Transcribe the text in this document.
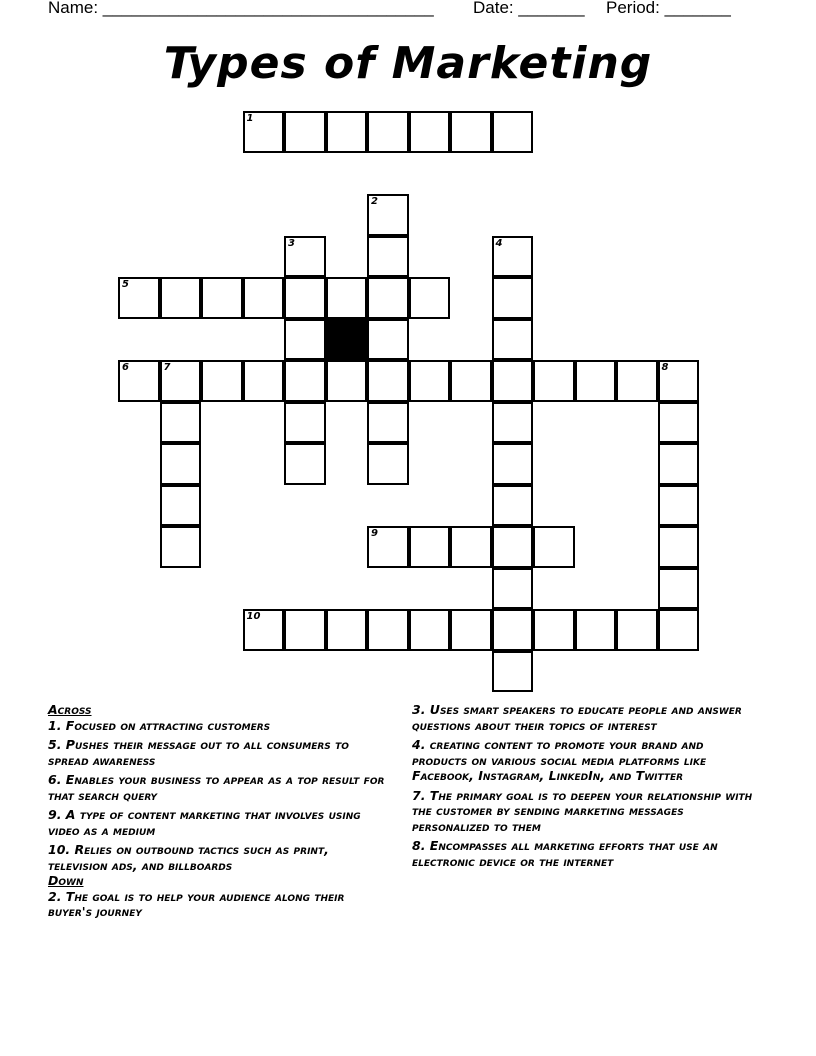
Name: ___________________________________ Date: _______ Period: _______
Types of Marketing
1
2
3	4
5
6	7	8
9
10
Across
1. Focused on attracting customers
5. Pushes their message out to all consumers to spread awareness
6. Enables your business to appear as a top result for that search query
9. A type of content marketing that involves using video as a medium
10. Relies on outbound tactics such as print, television ads, and billboards
Down
2. The goal is to help your audience along their buyer's journey
3. Uses smart speakers to educate people and answer questions about their topics of interest
4. creating content to promote your brand and products on various social media platforms like Facebook, Instagram, LinkedIn, and Twitter
7. The primary goal is to deepen your relationship with the customer by sending marketing messages personalized to them
8. Encompasses all marketing efforts that use an electronic device or the internet
